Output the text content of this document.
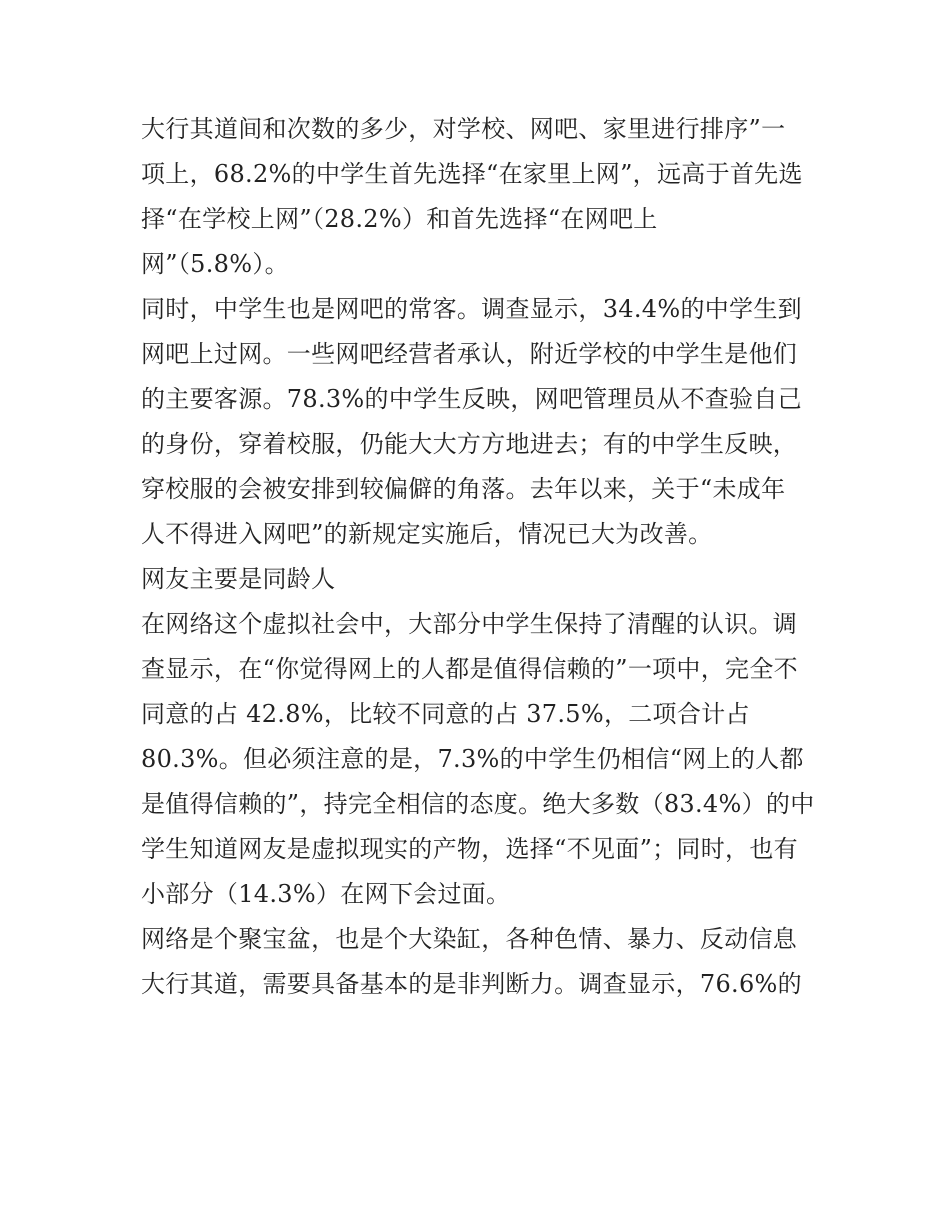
大行其道间和次数的多少，对学校、网吧、家里进行排序”一
项上，68.2%的中学生首先选择“在家里上网”，远高于首先选
择“在学校上网”（28.2%）和首先选择“在网吧上
网”（5.8%）。
同时，中学生也是网吧的常客。调查显示，34.4%的中学生到
网吧上过网。一些网吧经营者承认，附近学校的中学生是他们
的主要客源。78.3%的中学生反映，网吧管理员从不查验自己
的身份，穿着校服，仍能大大方方地进去；有的中学生反映，
穿校服的会被安排到较偏僻的角落。去年以来，关于“未成年
人不得进入网吧”的新规定实施后，情况已大为改善。
网友主要是同龄人
在网络这个虚拟社会中，大部分中学生保持了清醒的认识。调
查显示，在“你觉得网上的人都是值得信赖的”一项中，完全不
同意的占 42.8%，比较不同意的占 37.5%，二项合计占
80.3%。但必须注意的是，7.3%的中学生仍相信“网上的人都
是值得信赖的”，持完全相信的态度。绝大多数（83.4%）的中
学生知道网友是虚拟现实的产物，选择“不见面”；同时，也有
小部分（14.3%）在网下会过面。
网络是个聚宝盆，也是个大染缸，各种色情、暴力、反动信息
大行其道，需要具备基本的是非判断力。调查显示，76.6%的
